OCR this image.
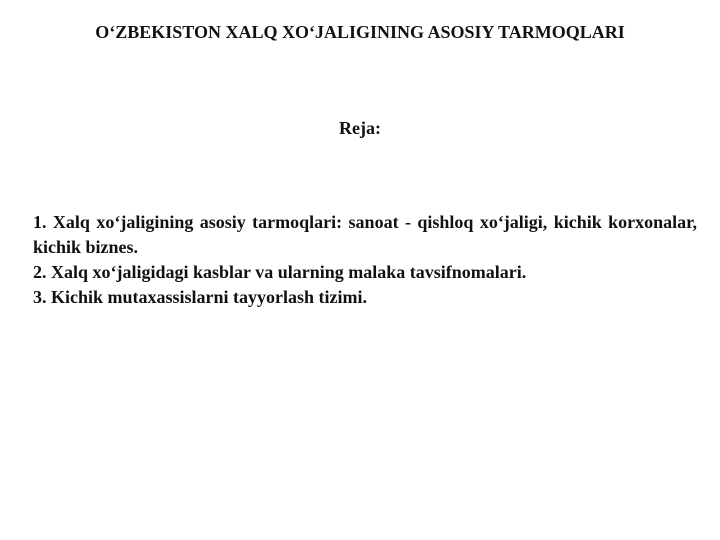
O‘ZBEKISTON XALQ XO‘JALIGINING ASOSIY TARMOQLARI
Reja:

1. Xalq xo‘jaligining asosiy tarmoqlari: sanoat - qishloq xo‘jaligi, kichik korxonalar, kichik biznes.

2. Xalq xo‘jaligidagi kasblar va ularning malaka tavsifnomalari.

3. Kichik mutaxassislarni tayyorlash tizimi.
